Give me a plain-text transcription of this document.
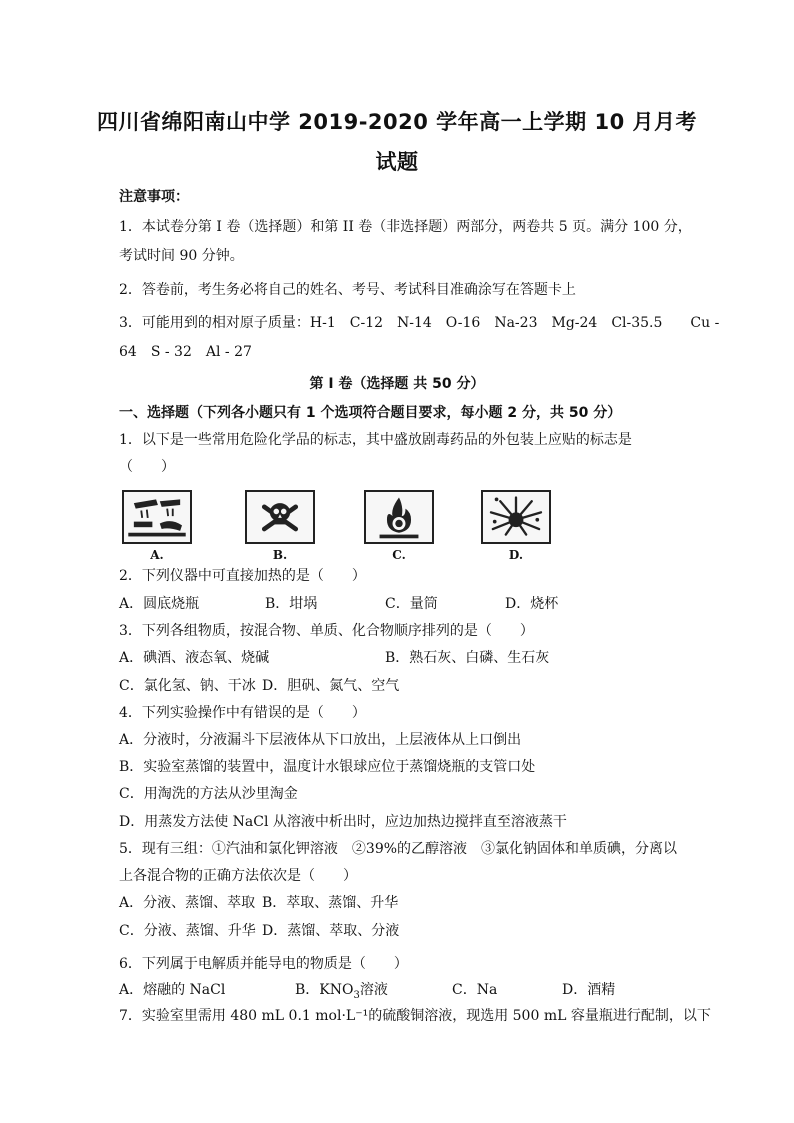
四川省绵阳南山中学 2019-2020 学年高一上学期 10 月月考
试题
注意事项：
1．本试卷分第 I 卷（选择题）和第 II 卷（非选择题）两部分，两卷共 5 页。满分 100 分，
考试时间 90 分钟。
2．答卷前，考生务必将自己的姓名、考号、考试科目准确涂写在答题卡上
3．可能用到的相对原子质量：H-1　C-12　N-14　O-16　Na-23　Mg-24　Cl-35.5　　Cu -
64　S - 32　Al - 27
第 I 卷（选择题 共 50 分）
一、选择题（下列各小题只有 1 个选项符合题目要求，每小题 2 分，共 50 分）
1．以下是一些常用危险化学品的标志，其中盛放剧毒药品的外包装上应贴的标志是
（　　）
A.	B.	C.	D.
2．下列仪器中可直接加热的是（　　）
A．圆底烧瓶	B．坩埚	C．量筒	D．烧杯
3．下列各组物质，按混合物、单质、化合物顺序排列的是（　　）
A．碘酒、液态氧、烧碱	B．熟石灰、白磷、生石灰
C．氯化氢、钠、干冰 D．胆矾、氮气、空气
4．下列实验操作中有错误的是（　　）
A．分液时，分液漏斗下层液体从下口放出，上层液体从上口倒出
B．实验室蒸馏的装置中，温度计水银球应位于蒸馏烧瓶的支管口处
C．用淘洗的方法从沙里淘金
D．用蒸发方法使 NaCl 从溶液中析出时，应边加热边搅拌直至溶液蒸干
5．现有三组：①汽油和氯化钾溶液　②39%的乙醇溶液　③氯化钠固体和单质碘，分离以
上各混合物的正确方法依次是（　　）
A．分液、蒸馏、萃取 B．萃取、蒸馏、升华
C．分液、蒸馏、升华 D．蒸馏、萃取、分液
6．下列属于电解质并能导电的物质是（　　）
A．熔融的 NaCl	B．$KNO_3$溶液	C．Na	D．酒精
7．实验室里需用 480 mL 0.1 mol·L⁻¹的硫酸铜溶液，现选用 500 mL 容量瓶进行配制，以下
